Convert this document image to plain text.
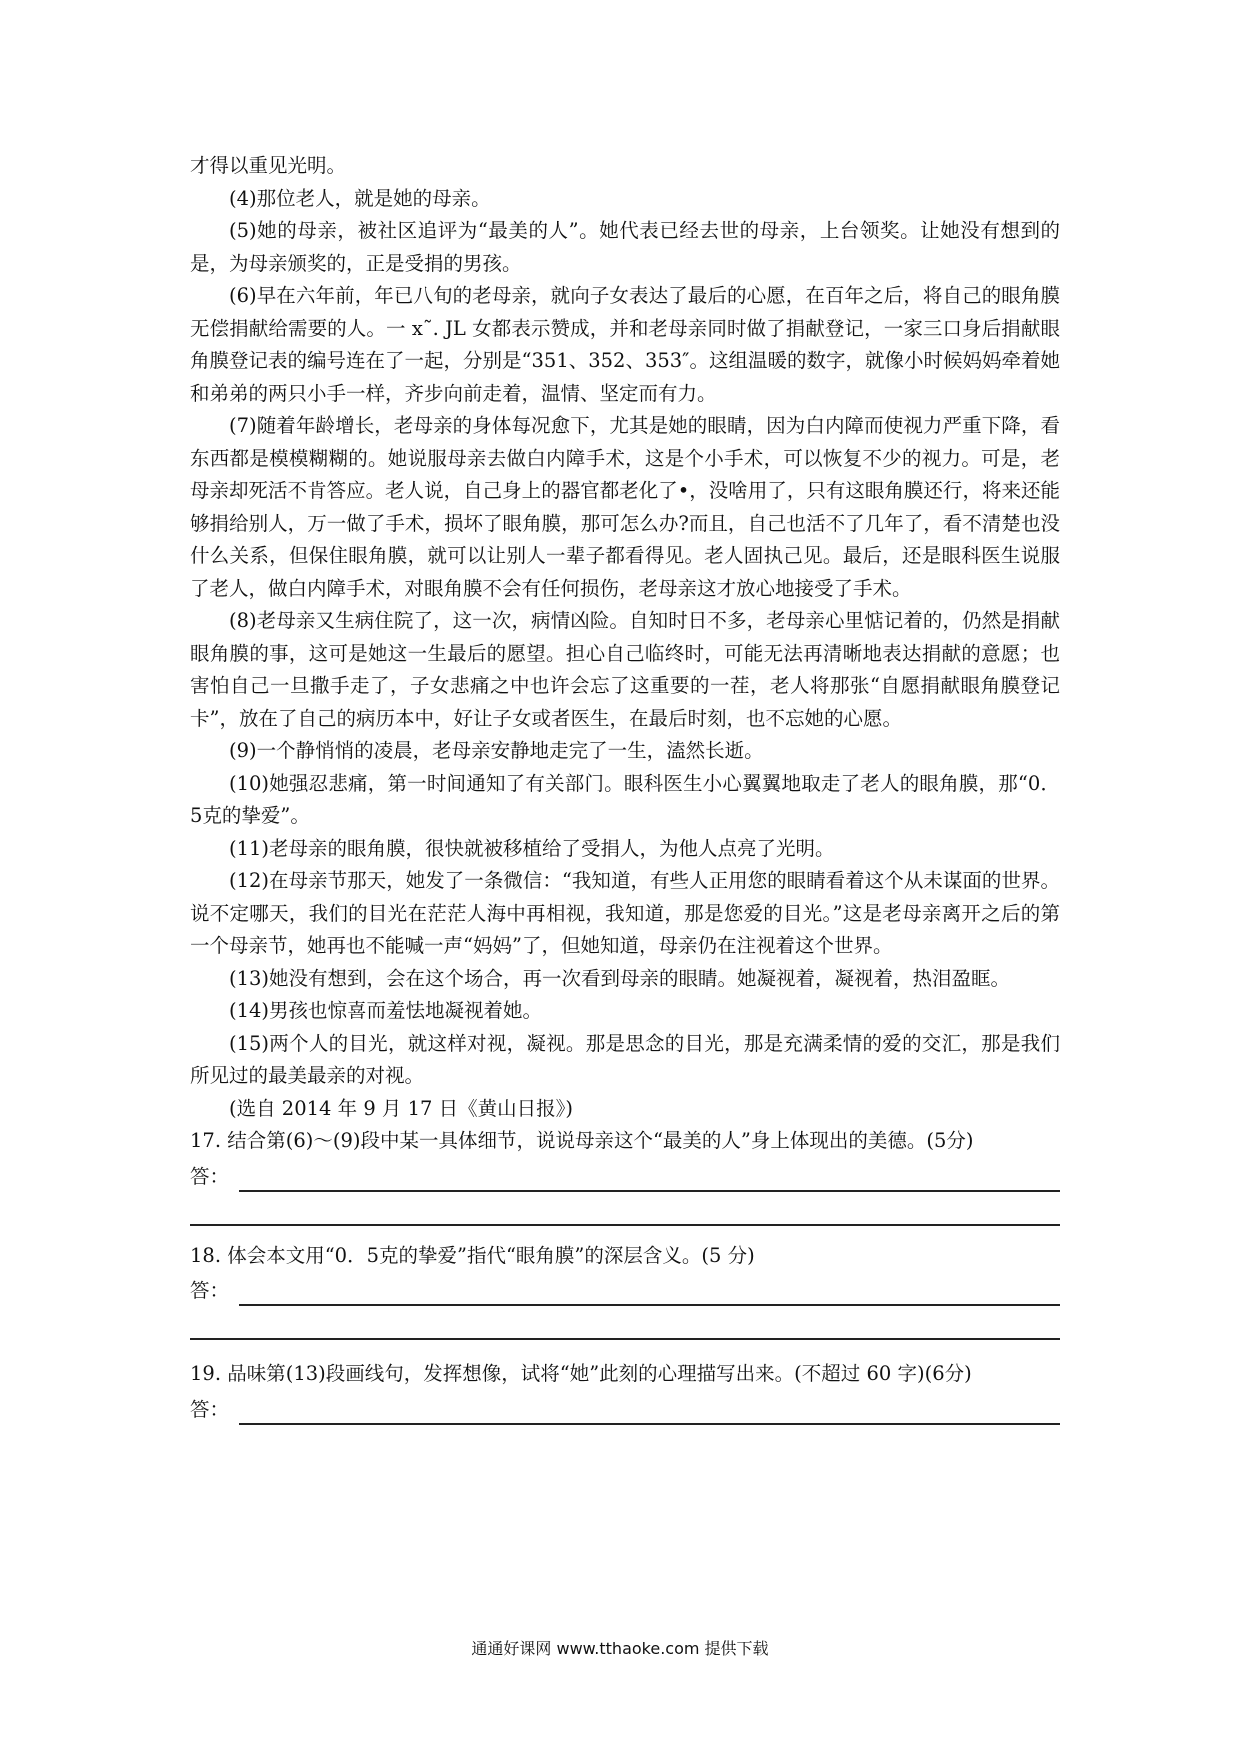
才得以重见光明。

(4)那位老人，就是她的母亲。

(5)她的母亲，被社区追评为“最美的人”。她代表已经去世的母亲，上台领奖。让她没有想到的是，为母亲颁奖的，正是受捐的男孩。

(6)早在六年前，年已八旬的老母亲，就向子女表达了最后的心愿，在百年之后，将自己的眼角膜无偿捐献给需要的人。一 x˜. JL 女都表示赞成，并和老母亲同时做了捐献登记，一家三口身后捐献眼角膜登记表的编号连在了一起，分别是“351、352、353″。这组温暖的数字，就像小时候妈妈牵着她和弟弟的两只小手一样，齐步向前走着，温情、坚定而有力。

(7)随着年龄增长，老母亲的身体每况愈下，尤其是她的眼睛，因为白内障而使视力严重下降，看东西都是模模糊糊的。她说服母亲去做白内障手术，这是个小手术，可以恢复不少的视力。可是，老母亲却死活不肯答应。老人说，自己身上的器官都老化了•，没啥用了，只有这眼角膜还行，将来还能够捐给别人，万一做了手术，损坏了眼角膜，那可怎么办?而且，自己也活不了几年了，看不清楚也没什么关系，但保住眼角膜，就可以让别人一辈子都看得见。老人固执己见。最后，还是眼科医生说服了老人，做白内障手术，对眼角膜不会有任何损伤，老母亲这才放心地接受了手术。

(8)老母亲又生病住院了，这一次，病情凶险。自知时日不多，老母亲心里惦记着的，仍然是捐献眼角膜的事，这可是她这一生最后的愿望。担心自己临终时，可能无法再清晰地表达捐献的意愿；也害怕自己一旦撒手走了，子女悲痛之中也许会忘了这重要的一茬，老人将那张“自愿捐献眼角膜登记卡”，放在了自己的病历本中，好让子女或者医生，在最后时刻，也不忘她的心愿。

(9)一个静悄悄的凌晨，老母亲安静地走完了一生，溘然长逝。

(10)她强忍悲痛，第一时间通知了有关部门。眼科医生小心翼翼地取走了老人的眼角膜，那“0．5克的挚爱”。

(11)老母亲的眼角膜，很快就被移植给了受捐人，为他人点亮了光明。

(12)在母亲节那天，她发了一条微信：“我知道，有些人正用您的眼睛看着这个从未谋面的世界。说不定哪天，我们的目光在茫茫人海中再相视，我知道，那是您爱的目光。”这是老母亲离开之后的第一个母亲节，她再也不能喊一声“妈妈”了，但她知道，母亲仍在注视着这个世界。

(13)她没有想到，会在这个场合，再一次看到母亲的眼睛。她凝视着，凝视着，热泪盈眶。

(14)男孩也惊喜而羞怯地凝视着她。

(15)两个人的目光，就这样对视，凝视。那是思念的目光，那是充满柔情的爱的交汇，那是我们所见过的最美最亲的对视。

(选自 2014 年 9 月 17 日《黄山日报》)

17. 结合第(6)～(9)段中某一具体细节，说说母亲这个“最美的人”身上体现出的美德。(5分)

答：

18. 体会本文用“0．5克的挚爱”指代“眼角膜”的深层含义。(5 分)

答：

19. 品味第(13)段画线句，发挥想像，试将“她”此刻的心理描写出来。(不超过 60 字)(6分)

答：
通通好课网 www.tthaoke.com 提供下载
